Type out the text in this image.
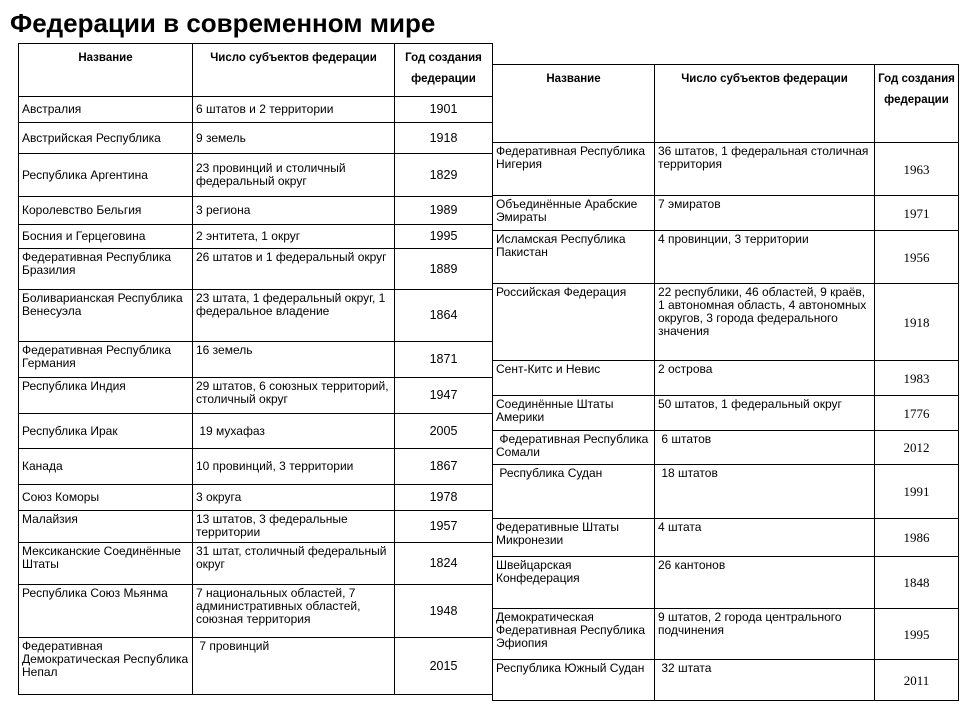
Федерации в современном мире
Название	Число субъектов федерации	Год создания федерации
Австралия	6 штатов и 2 территории	1901
Австрийская Республика	9 земель	1918
Республика Аргентина	23 провинций и столичный федеральный округ	1829
Королевство Бельгия	3 региона	1989
Босния и Герцеговина	2 энтитета, 1 округ	1995
Федеративная Республика Бразилия	26 штатов и 1 федеральный округ	1889
Боливарианская Республика Венесуэла	23 штата, 1 федеральный округ, 1 федеральное владение	1864
Федеративная Республика Германия	16 земель	1871
Республика Индия	29 штатов, 6 союзных территорий, столичный округ	1947
Республика Ирак	19 мухафаз	2005
Канада	10 провинций, 3 территории	1867
Союз Коморы	3 округа	1978
Малайзия	13 штатов, 3 федеральные территории	1957
Мексиканские Соединённые Штаты	31 штат, столичный федеральный округ	1824
Республика Союз Мьянма	7 национальных областей, 7 административных областей, союзная территория	1948
Федеративная Демократическая Республика Непал	7 провинций	2015
Название	Число субъектов федерации	Год создания федерации
Федеративная Республика Нигерия	36 штатов, 1 федеральная столичная территория	1963
Объединённые Арабские Эмираты	7 эмиратов	1971
Исламская Республика Пакистан	4 провинции, 3 территории	1956
Российская Федерация	22 республики, 46 областей, 9 краёв, 1 автономная область, 4 автономных округов, 3 города федерального значения	1918
Сент-Китс и Невис	2 острова	1983
Соединённые Штаты Америки	50 штатов, 1 федеральный округ	1776
Федеративная Республика Сомали	6 штатов	2012
Республика Судан	18 штатов	1991
Федеративные Штаты Микронезии	4 штата	1986
Швейцарская Конфедерация	26 кантонов	1848
Демократическая Федеративная Республика Эфиопия	9 штатов, 2 города центрального подчинения	1995
Республика Южный Судан	32 штата	2011
